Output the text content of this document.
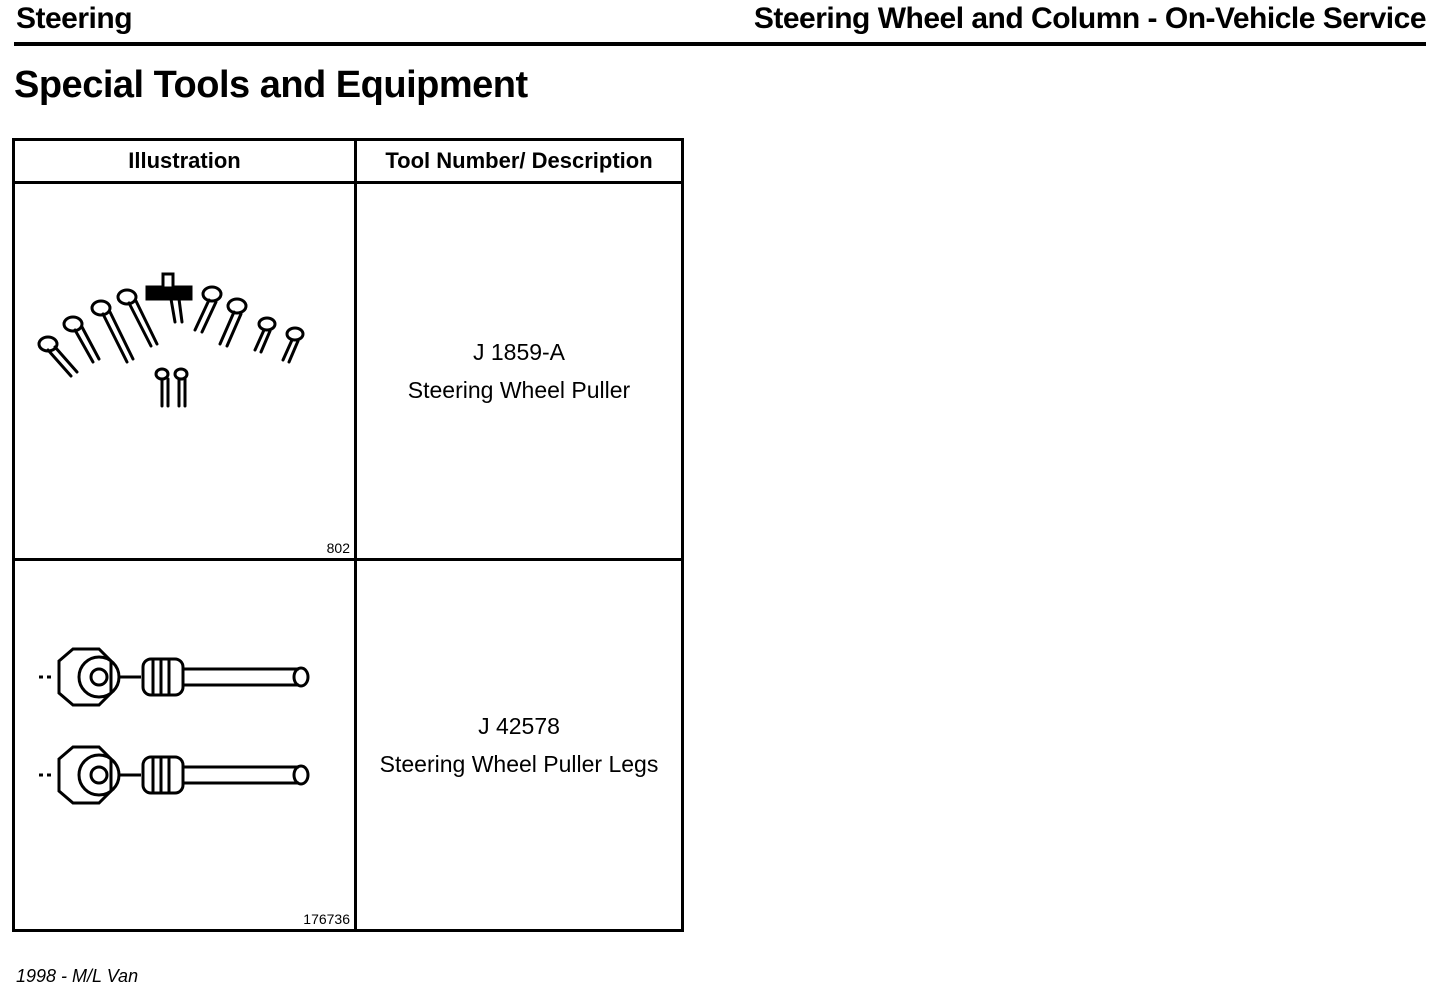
Steering	Steering Wheel and Column - On-Vehicle Service
Special Tools and Equipment
Illustration	Tool Number/ Description
802
J 1859-A
Steering Wheel Puller
176736
J 42578
Steering Wheel Puller Legs
1998 - M/L Van
